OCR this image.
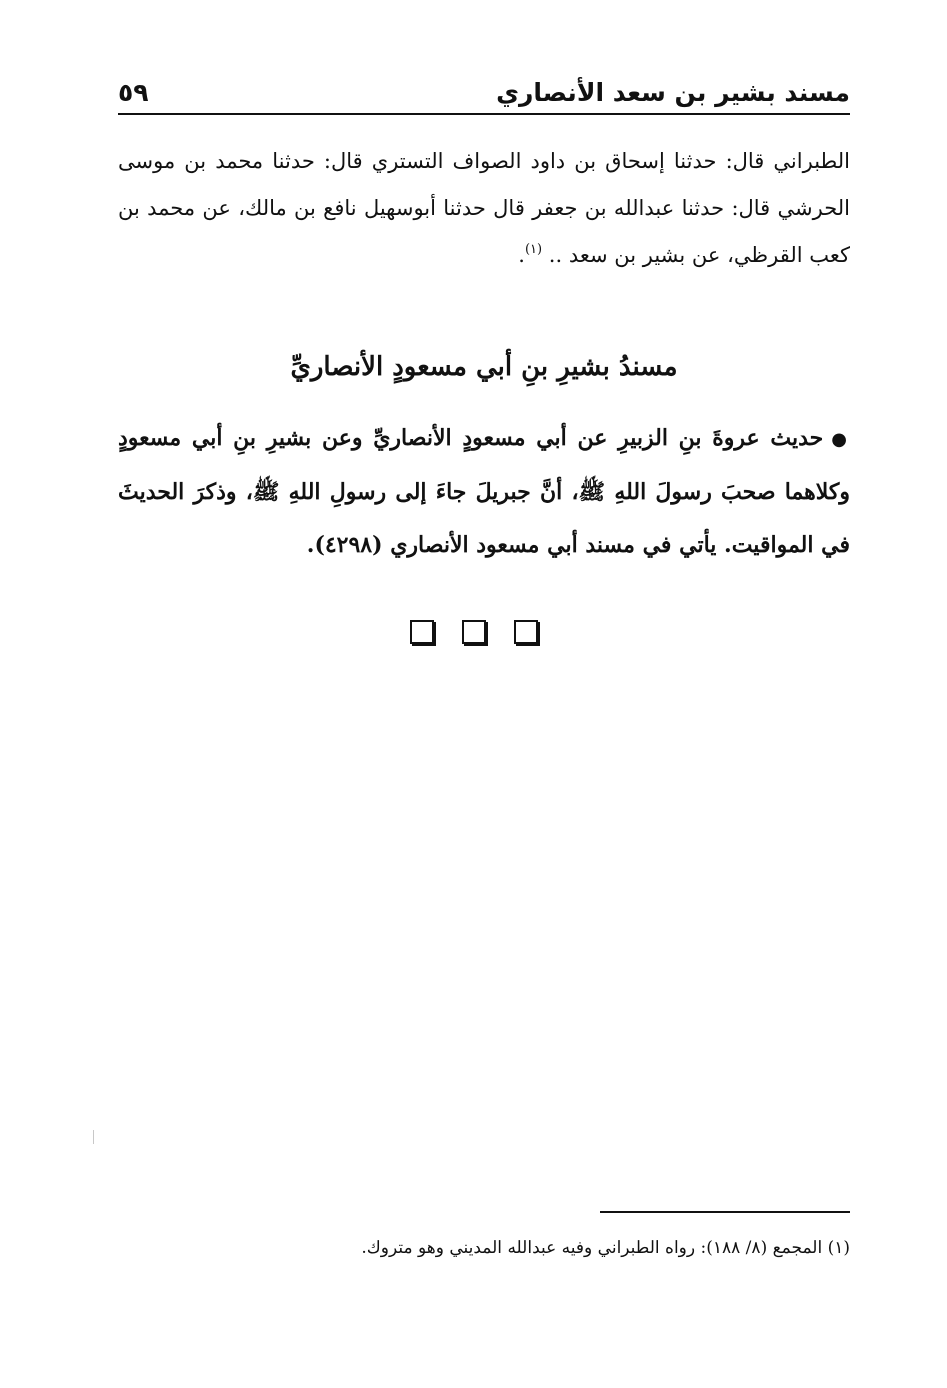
مسند بشير بن سعد الأنصاري
٥٩

الطبراني قال: حدثنا إسحاق بن داود الصواف التستري قال: حدثنا محمد بن موسى الحرشي قال: حدثنا عبدالله بن جعفر قال حدثنا أبوسهيل نافع بن مالك، عن محمد بن كعب القرظي، عن بشير بن سعد .. $^{(١)}$.

مسندُ بشيرِ بنِ أبي مسعودٍ الأنصاريِّ

●حديث عروةَ بنِ الزبيرِ عن أبي مسعودٍ الأنصاريِّ وعن بشيرِ بنِ أبي مسعودٍ وكلاهما صحبَ رسولَ اللهِ ﷺ، أنَّ جبريلَ جاءَ إلى رسولِ اللهِ ﷺ، وذكرَ الحديثَ في المواقيت. يأتي في مسند أبي مسعود الأنصاري (٤٢٩٨).

(١) المجمع (٨/ ١٨٨): رواه الطبراني وفيه عبدالله المديني وهو متروك.
